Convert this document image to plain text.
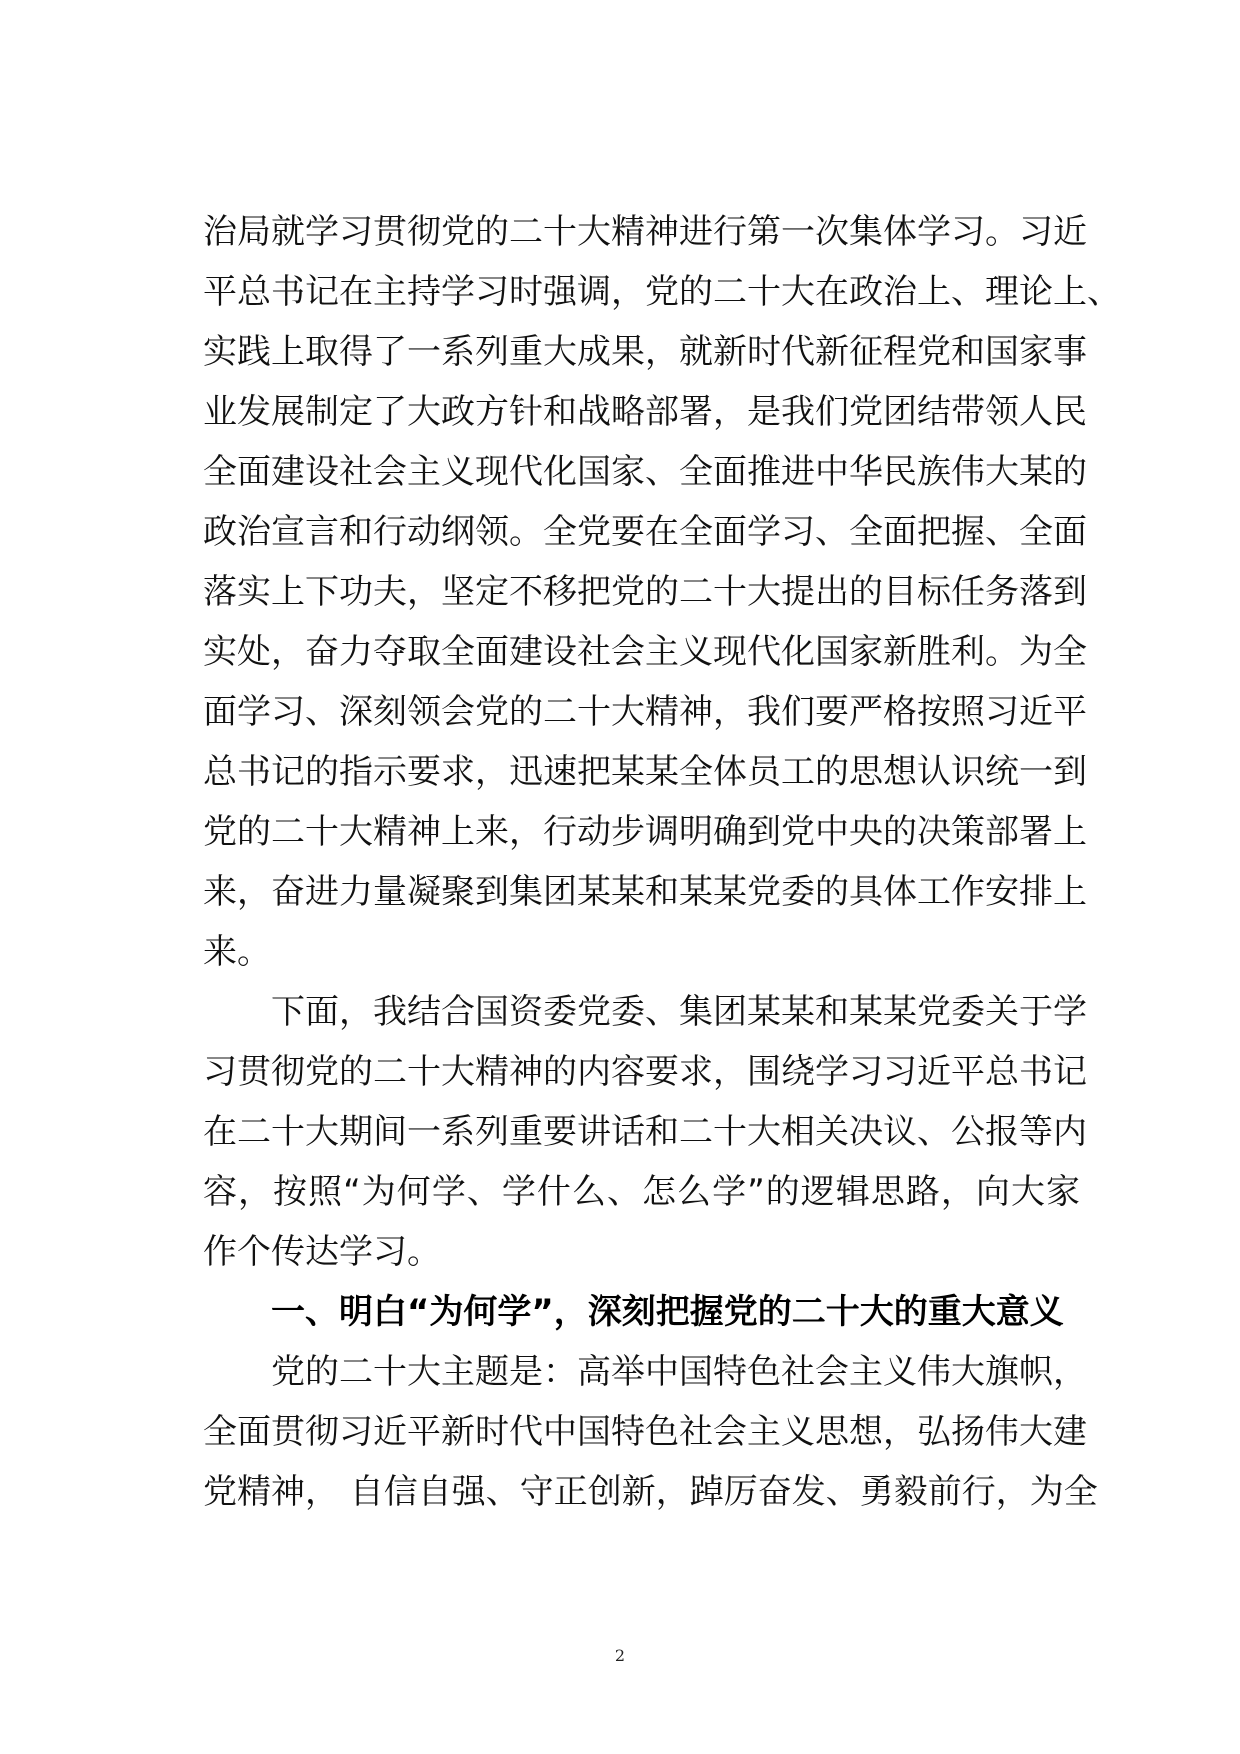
治局就学习贯彻党的二十大精神进行第一次集体学习。习近
平总书记在主持学习时强调，党的二十大在政治上、理论上、
实践上取得了一系列重大成果，就新时代新征程党和国家事
业发展制定了大政方针和战略部署，是我们党团结带领人民
全面建设社会主义现代化国家、全面推进中华民族伟大某的
政治宣言和行动纲领。全党要在全面学习、全面把握、全面
落实上下功夫，坚定不移把党的二十大提出的目标任务落到
实处，奋力夺取全面建设社会主义现代化国家新胜利。为全
面学习、深刻领会党的二十大精神，我们要严格按照习近平
总书记的指示要求，迅速把某某全体员工的思想认识统一到
党的二十大精神上来，行动步调明确到党中央的决策部署上
来，奋进力量凝聚到集团某某和某某党委的具体工作安排上
来。
下面，我结合国资委党委、集团某某和某某党委关于学
习贯彻党的二十大精神的内容要求，围绕学习习近平总书记
在二十大期间一系列重要讲话和二十大相关决议、公报等内
容，按照“为何学、学什么、怎么学”的逻辑思路，向大家
作个传达学习。
一、明白“为何学”，深刻把握党的二十大的重大意义
党的二十大主题是：高举中国特色社会主义伟大旗帜，
全面贯彻习近平新时代中国特色社会主义思想，弘扬伟大建
党精神， 自信自强、守正创新，踔厉奋发、勇毅前行，为全
2
